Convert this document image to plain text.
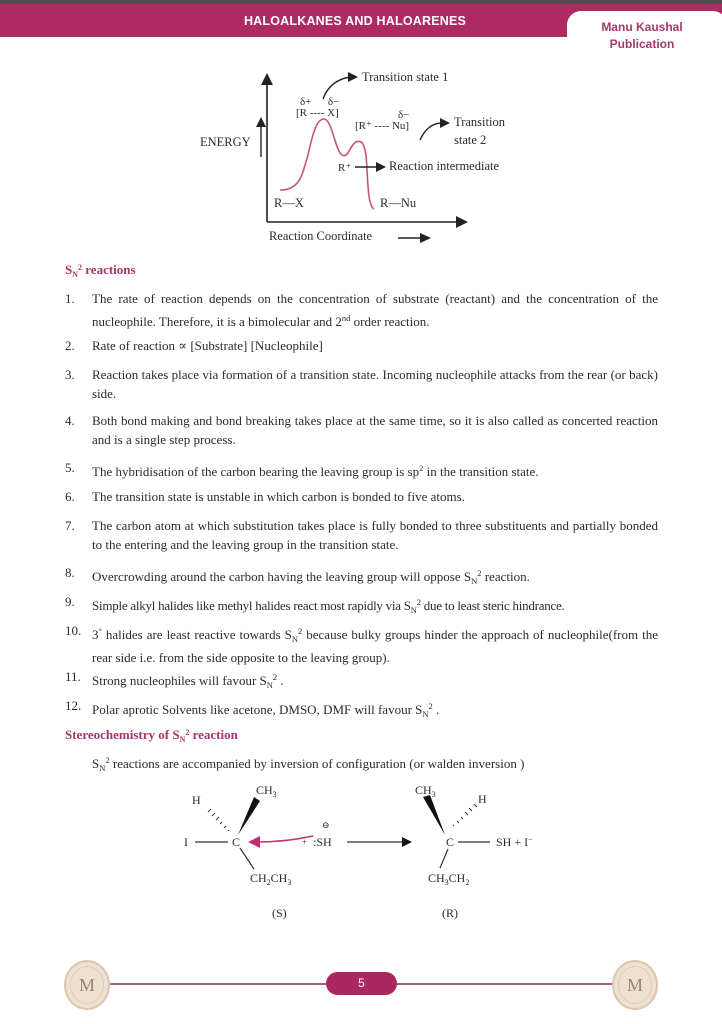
HALOALKANES AND HALOARENES	Manu Kaushal
Publication
Transition state 1
δ+      δ−
[R ---- X]	δ−
[R⁺ ---- Nu]	Transition
state 2
ENERGY
R⁺	Reaction intermediate
R—X	R—Nu
Reaction Coordinate
$S_N^2$ reactions
1. The rate of reaction depends on the concentration of substrate (reactant) and the concentration of the nucleophile. Therefore, it is a bimolecular and 2nd order reaction.
2. Rate of reaction ∝ [Substrate] [Nucleophile]
3. Reaction takes place via formation of a transition state. Incoming nucleophile attacks from the rear (or back) side.
4. Both bond making and bond breaking takes place at the same time, so it is also called as concerted reaction and is a single step process.
5. The hybridisation of the carbon bearing the leaving group is $sp^2$ in the transition state.
6. The transition state is unstable in which carbon is bonded to five atoms.
7. The carbon atom at which substitution takes place is fully bonded to three substituents and partially bonded to the entering and the leaving group in the transition state.
8. Overcrowding around the carbon having the leaving group will oppose $S_N^2$ reaction.
9. Simple alkyl halides like methyl halides react most rapidly via $S_N^2$ due to least steric hindrance.
10. 3° halides are least reactive towards $S_N^2$ because bulky groups hinder the approach of nucleophile(from the rear side i.e. from the side opposite to the leaving group).
11. Strong nucleophiles will favour $S_N^2$ .
12. Polar aprotic Solvents like acetone, DMSO, DMF will favour $S_N^2$ .
Stereochemistry of $S_N^2$ reaction
$S_N^2$ reactions are accompanied by inversion of configuration (or walden inversion )
H
$CH_3$
I	C
$CH_2CH_3$
(S)
+
⊖
:SH
$CH_3$	H
C	SH + I−
$CH_3CH_2$
(R)
M	M
5
